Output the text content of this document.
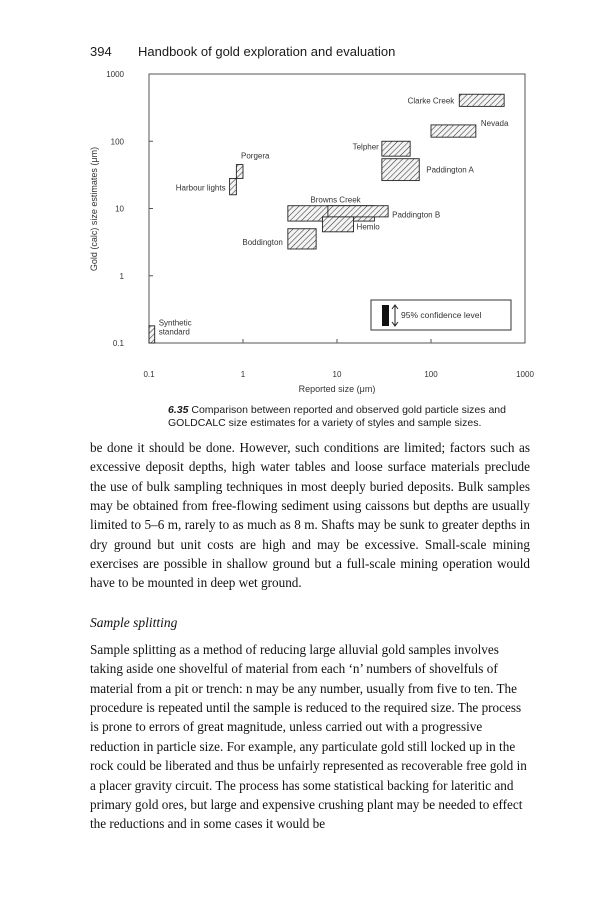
394 Handbook of gold exploration and evaluation
0.1
1
10
100
1000
0.1	1	10	100	1000
Clarke Creek
Nevada
Telpher
Paddington A
Porgera
Harbour lights
Browns Creek
Paddington B
Hemlo
Boddington
Synthetic
standard
Gold (calc) size estimates (μm)
Reported size (μm)
95% confidence level
6.35 Comparison between reported and observed gold particle sizes and GOLDCALC size estimates for a variety of styles and sample sizes.

be done it should be done. However, such conditions are limited; factors such as excessive deposit depths, high water tables and loose surface materials preclude the use of bulk sampling techniques in most deeply buried deposits. Bulk samples may be obtained from free-flowing sediment using caissons but depths are usually limited to 5–6 m, rarely to as much as 8 m. Shafts may be sunk to greater depths in dry ground but unit costs are high and may be excessive. Small-scale mining exercises are possible in shallow ground but a full-scale mining operation would have to be mounted in deep wet ground.

Sample splitting

Sample splitting as a method of reducing large alluvial gold samples involves taking aside one shovelful of material from each ‘n’ numbers of shovelfuls of material from a pit or trench: n may be any number, usually from five to ten. The procedure is repeated until the sample is reduced to the required size. The process is prone to errors of great magnitude, unless carried out with a progressive reduction in particle size. For example, any particulate gold still locked up in the rock could be liberated and thus be unfairly represented as recoverable free gold in a placer gravity circuit. The process has some statistical backing for lateritic and primary gold ores, but large and expensive crushing plant may be needed to effect the reductions and in some cases it would be
